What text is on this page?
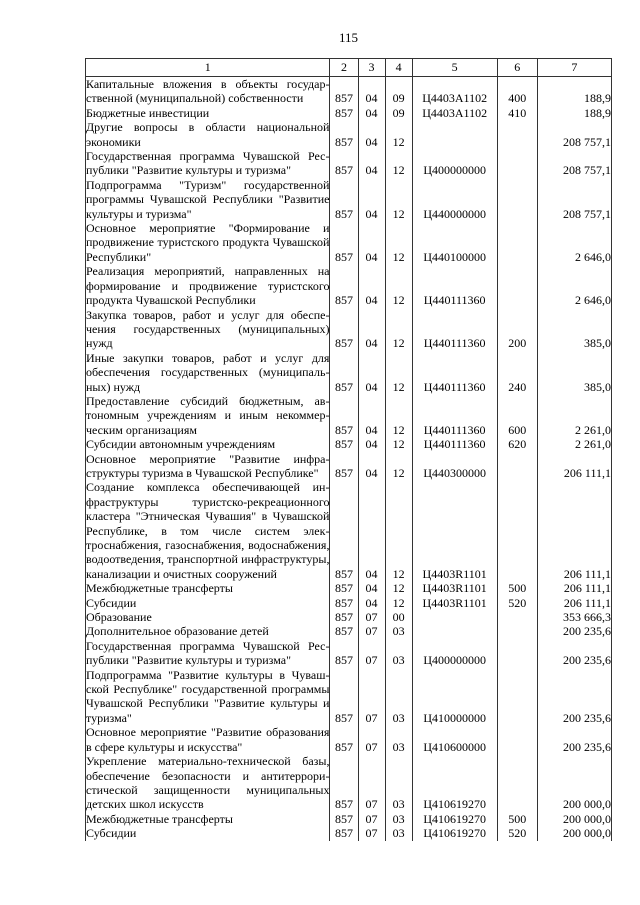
115
1	2	3	4	5	6	7
Капитальные вложения в объекты государственной (муниципальной) собственности	857	04	09	Ц4403А1102	400	188,9
Бюджетные инвестиции	857	04	09	Ц4403А1102	410	188,9
Другие вопросы в области национальной экономики	857	04	12			208 757,1
Государственная программа Чувашской Республики "Развитие культуры и туризма"	857	04	12	Ц400000000		208 757,1
Подпрограмма "Туризм" государственной программы Чувашской Республики "Развитие культуры и туризма"	857	04	12	Ц440000000		208 757,1
Основное мероприятие "Формирование и продвижение туристского продукта Чувашской Республики"	857	04	12	Ц440100000		2 646,0
Реализация мероприятий, направленных на формирование и продвижение туристского продукта Чувашской Республики	857	04	12	Ц440111360		2 646,0
Закупка товаров, работ и услуг для обеспечения государственных (муниципальных) нужд	857	04	12	Ц440111360	200	385,0
Иные закупки товаров, работ и услуг для обеспечения государственных (муниципальных) нужд	857	04	12	Ц440111360	240	385,0
Предоставление субсидий бюджетным, автономным учреждениям и иным некоммерческим организациям	857	04	12	Ц440111360	600	2 261,0
Субсидии автономным учреждениям	857	04	12	Ц440111360	620	2 261,0
Основное мероприятие "Развитие инфраструктуры туризма в Чувашской Республике"	857	04	12	Ц440300000		206 111,1
Создание комплекса обеспечивающей инфраструктуры туристско-рекреационного кластера "Этническая Чувашия" в Чувашской Республике, в том числе систем электроснабжения, газоснабжения, водоснабжения, водоотведения, транспортной инфраструктуры, канализации и очистных сооружений	857	04	12	Ц4403R1101		206 111,1
Межбюджетные трансферты	857	04	12	Ц4403R1101	500	206 111,1
Субсидии	857	04	12	Ц4403R1101	520	206 111,1
Образование	857	07	00			353 666,3
Дополнительное образование детей	857	07	03			200 235,6
Государственная программа Чувашской Республики "Развитие культуры и туризма"	857	07	03	Ц400000000		200 235,6
Подпрограмма "Развитие культуры в Чувашской Республике" государственной программы Чувашской Республики "Развитие культуры и туризма"	857	07	03	Ц410000000		200 235,6
Основное мероприятие "Развитие образования в сфере культуры и искусства"	857	07	03	Ц410600000		200 235,6
Укрепление материально-технической базы, обеспечение безопасности и антитеррористической защищенности муниципальных детских школ искусств	857	07	03	Ц410619270		200 000,0
Межбюджетные трансферты	857	07	03	Ц410619270	500	200 000,0
Субсидии	857	07	03	Ц410619270	520	200 000,0
